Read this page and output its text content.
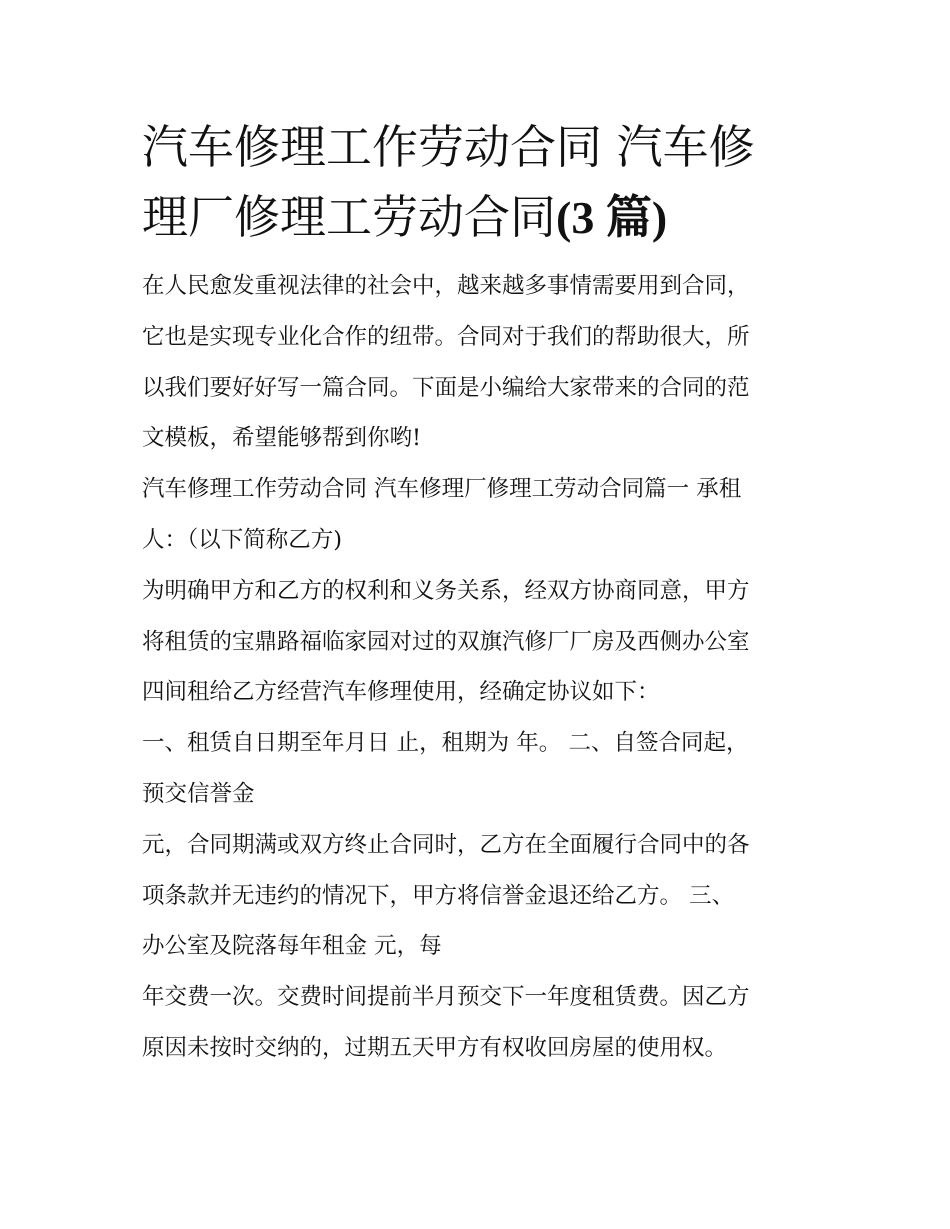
汽车修理工作劳动合同 汽车修
理厂修理工劳动合同(3 篇)
在人民愈发重视法律的社会中，越来越多事情需要用到合同，
它也是实现专业化合作的纽带。合同对于我们的帮助很大，所
以我们要好好写一篇合同。下面是小编给大家带来的合同的范
文模板，希望能够帮到你哟!
汽车修理工作劳动合同 汽车修理厂修理工劳动合同篇一 承租
人：（以下简称乙方)
为明确甲方和乙方的权利和义务关系，经双方协商同意，甲方
将租赁的宝鼎路福临家园对过的双旗汽修厂厂房及西侧办公室
四间租给乙方经营汽车修理使用，经确定协议如下：
一、租赁自日期至年月日 止，租期为 年。 二、自签合同起，
预交信誉金
元，合同期满或双方终止合同时，乙方在全面履行合同中的各
项条款并无违约的情况下，甲方将信誉金退还给乙方。 三、
办公室及院落每年租金 元，每
年交费一次。交费时间提前半月预交下一年度租赁费。因乙方
原因未按时交纳的，过期五天甲方有权收回房屋的使用权。
